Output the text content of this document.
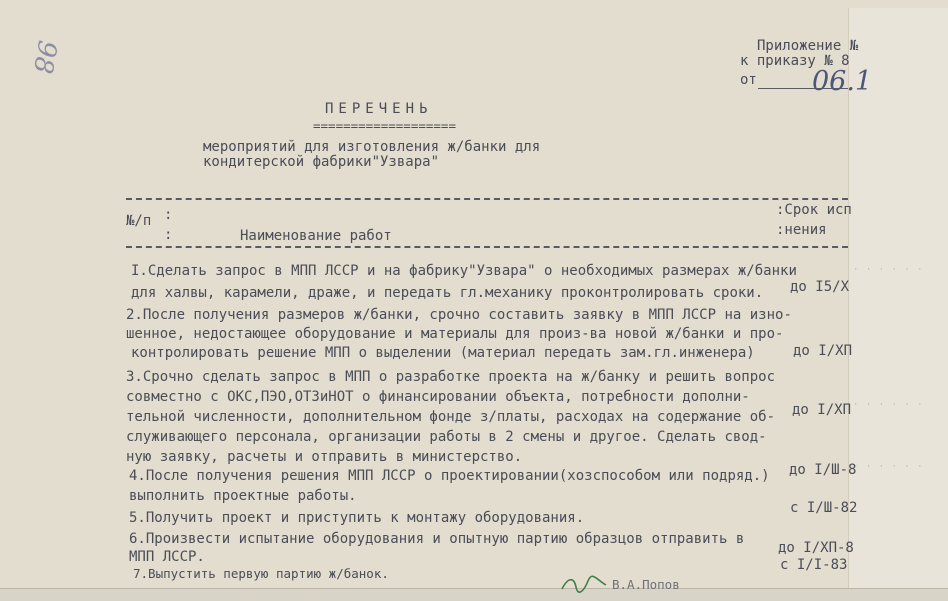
98	Приложение №
к приказу № 8
от 06.1
ПЕРЕЧЕНЬ
===================
мероприятий для изготовления ж/банки для
кондитерской фабрики"Узвара"
№/п :
:	Наименование работ
:Срок исп
:нения
I.Сделать запрос в МПП ЛССР и на фабрику"Узвара" о необходимых размерах ж/банки
для халвы, карамели, драже, и передать гл.механику проконтролировать сроки. до I5/Х
2.После получения размеров ж/банки, срочно составить заявку в МПП ЛССР на изно-
шенное, недостающее оборудование и материалы для произ-ва новой ж/банки и про-
контролировать решение МПП о выделении (материал передать зам.гл.инженера)	до I/ХП
3.Срочно сделать запрос в МПП о разработке проекта на ж/банку и решить вопрос
совместно с ОКС,ПЭО,ОТЗиНОТ о финансировании объекта, потребности дополни-
тельной численности, дополнительном фонде з/платы, расходах на содержание об-
служивающего персонала, организации работы в 2 смены и другое. Сделать свод-
ную заявку, расчеты и отправить в министерство.
до I/ХП
4.После получения решения МПП ЛССР о проектировании(хозспособом или подряд.)
выполнить проектные работы.
до I/Ш-8
5.Получить проект и приступить к монтажу оборудования.
с I/Ш-82
6.Произвести испытание оборудования и опытную партию образцов отправить в
МПП ЛССР.
до I/ХП-8
7.Выпустить первую партию ж/банок.
с I/I-83
В.А.Попов
· · · · · ·
· · · · · ·
· · · · · ·
